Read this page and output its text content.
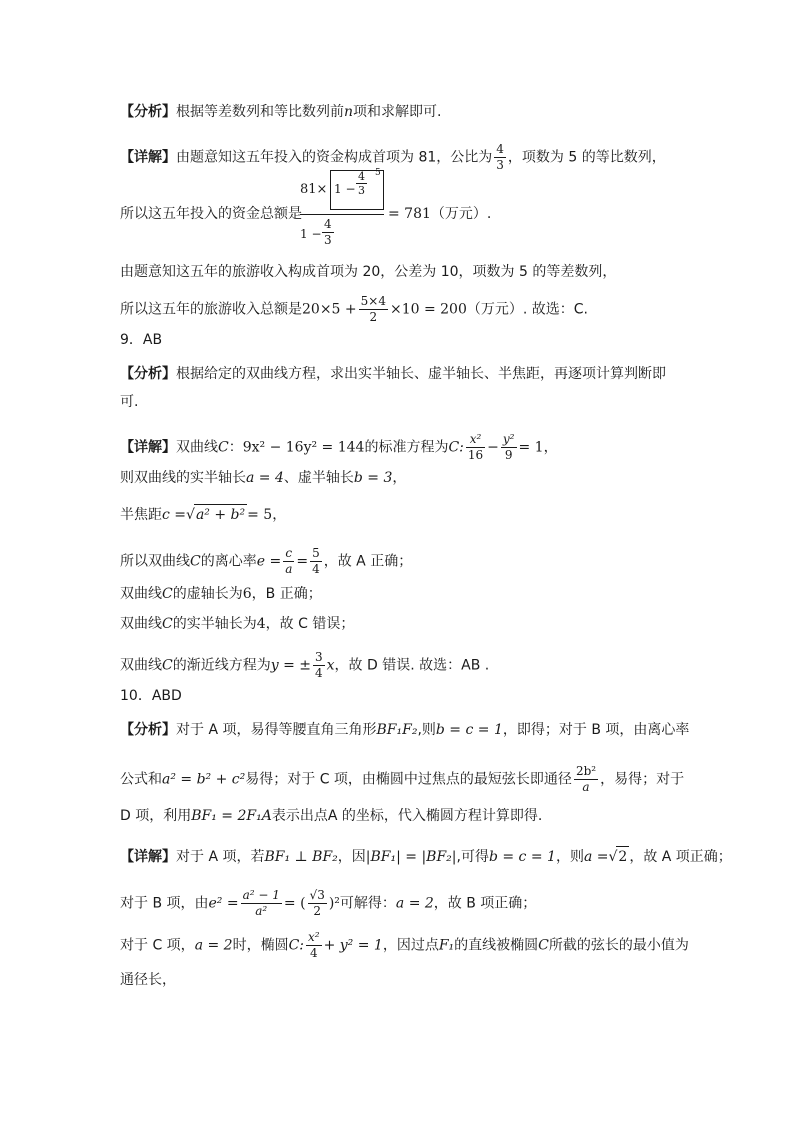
【分析】根据等差数列和等比数列前n项和求解即可.
【详解】由题意知这五年投入的资金构成首项为 81，公比为 $\frac{4}{3}$ ，项数为 5 的等比数列，
81× 1 −
4
3
5
1 −
4
3
所以这五年投入的资金总额是	= 781（万元）.
由题意知这五年的旅游收入构成首项为 20，公差为 10，项数为 5 的等差数列，
所以这五年的旅游收入总额是$20\times 5 + \frac{5\times 4}{2} \times 10 = 200$（万元）. 故选：C.
9．AB
【分析】根据给定的双曲线方程，求出实半轴长、虚半轴长、半焦距，再逐项计算判断即
可.
【详解】双曲线C：9x² − 16y² = 144的标准方程为C: $\frac{\text{x²}}{16} - \frac{\text{y²}}{9} = 1$，
则双曲线的实半轴长a = 4、虚半轴长b = 3，
半焦距c =√a² + b² = 5，
所以双曲线C的离心率$e = \frac{c}{a} = \frac{5}{4}$ ，故 A 正确；
双曲线C的虚轴长为6，B 正确；
双曲线C的实半轴长为4，故 C 错误；
双曲线C的渐近线方程为y = ± $\frac{3}{4}$ x，故 D 错误. 故选：AB .
10．ABD
【分析】对于 A 项，易得等腰直角三角形BF₁F₂,则b = c = 1，即得；对于 B 项，由离心率
公式和a² = b² + c²易得；对于 C 项，由椭圆中过焦点的最短弦长即通径 $\frac{\text{2b²}}{a}$ ，易得；对于
D 项，利用BF₁ = 2F₁A表示出点A 的坐标，代入椭圆方程计算即得.
【详解】对于 A 项，若BF₁ ⊥ BF₂，因|BF₁| = |BF₂|,可得b = c = 1，则a =√2 ，故 A 项正确；
对于 B 项，由$e^2 = \frac{\text{a² − 1}}{\text{a²}}$ = ( $\frac{√3}{2} )^2$可解得：a = 2，故 B 项正确；
对于 C 项，a = 2时，椭圆C: $\frac{\text{x²}}{4} + y^2 = 1$，因过点F₁的直线被椭圆C所截的弦长的最小值为
通径长，
